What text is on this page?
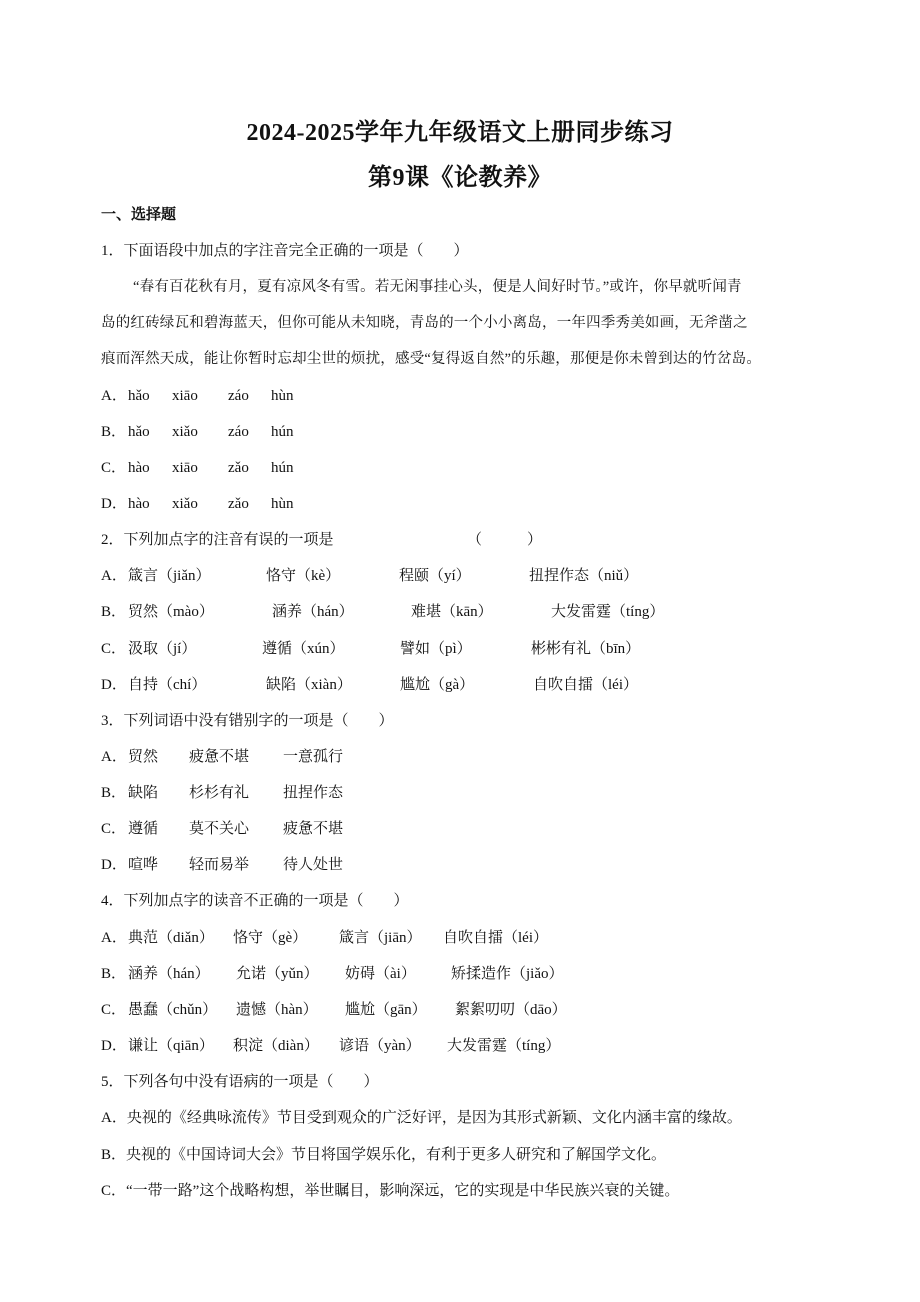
2024-2025学年九年级语文上册同步练习
第9课《论教养》
一、选择题
1．下面语段中加点的字注音完全正确的一项是（　　）
“春有百花秋有月，夏有凉风冬有雪。若无闲事挂心头，便是人间好时节。”或许，你早就听闻青
岛的红砖绿瓦和碧海蓝天，但你可能从未知晓，青岛的一个小小离岛，一年四季秀美如画，无斧凿之
痕而浑然天成，能让你暂时忘却尘世的烦扰，感受“复得返自然”的乐趣，那便是你未曾到达的竹岔岛。
A． hǎo xiāo záo hùn
B． hǎo xiǎo záo hún
C． hào xiāo zǎo hún
D． hào xiǎo zǎo hùn
2．下列加点字的注音有误的一项是	（　　　）
A． 箴言（jiǎn）	恪守（kè）	程颐（yí）	扭捏作态（niǔ）
B． 贸然（mào）	涵养（hán）	难堪（kān）	大发雷霆（tíng）
C． 汲取（jí）	遵循（xún）	譬如（pì）	彬彬有礼（bīn）
D． 自持（chí）	缺陷（xiàn）	尴尬（gà）	自吹自擂（léi）
3．下列词语中没有错别字的一项是（　　）
A． 贸然 疲惫不堪 一意孤行
B． 缺陷 杉杉有礼 扭捏作态
C． 遵循 莫不关心 疲惫不堪
D． 喧哗 轻而易举 待人处世
4．下列加点字的读音不正确的一项是（　　）
A． 典范（diǎn） 恪守（gè） 箴言（jiān） 自吹自擂（léi）
B． 涵养（hán） 允诺（yǔn） 妨碍（ài） 矫揉造作（jiǎo）
C． 愚蠢（chǔn） 遗憾（hàn） 尴尬（gān） 絮絮叨叨（dāo）
D． 谦让（qiān） 积淀（diàn） 谚语（yàn） 大发雷霆（tíng）
5．下列各句中没有语病的一项是（　　）
A．央视的《经典咏流传》节目受到观众的广泛好评，是因为其形式新颖、文化内涵丰富的缘故。
B．央视的《中国诗词大会》节目将国学娱乐化，有利于更多人研究和了解国学文化。
C．“一带一路”这个战略构想，举世瞩目，影响深远，它的实现是中华民族兴衰的关键。
